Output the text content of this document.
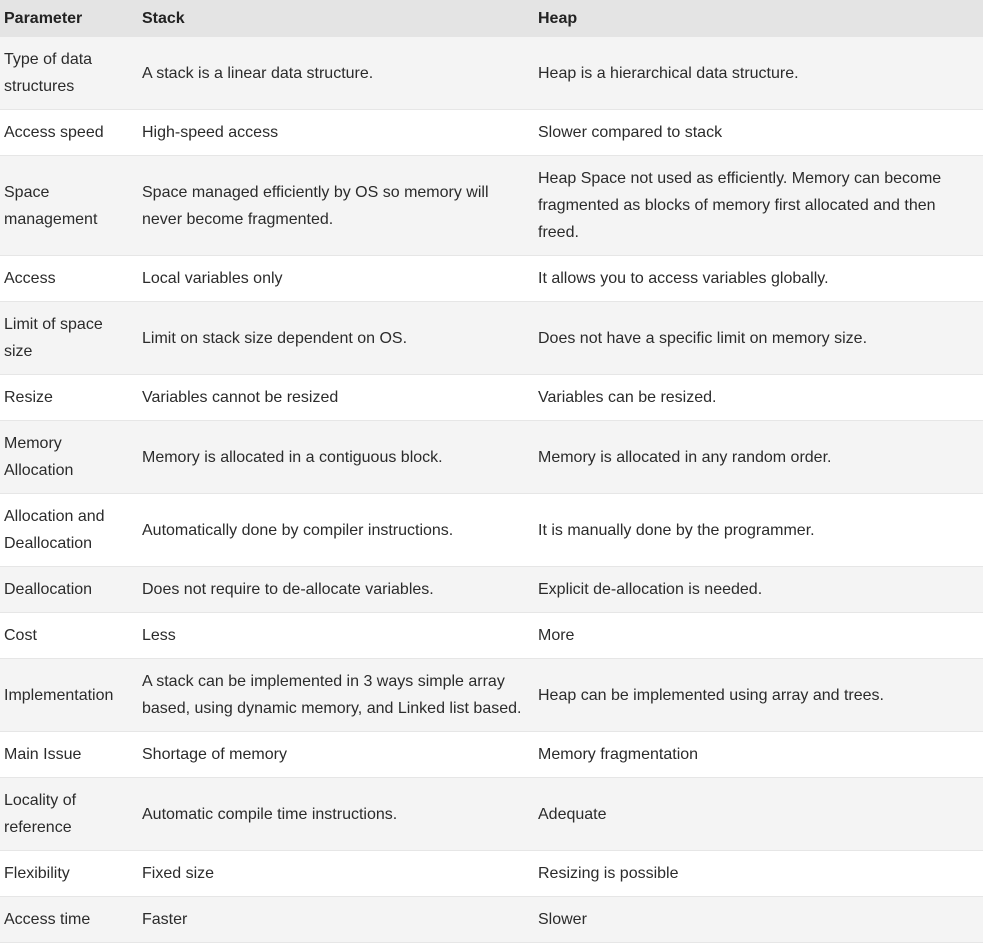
Parameter	Stack	Heap
Type of data structures	A stack is a linear data structure.	Heap is a hierarchical data structure.
Access speed	High-speed access	Slower compared to stack
Space management	Space managed efficiently by OS so memory will never become fragmented.	Heap Space not used as efficiently. Memory can become fragmented as blocks of memory first allocated and then freed.
Access	Local variables only	It allows you to access variables globally.
Limit of space size	Limit on stack size dependent on OS.	Does not have a specific limit on memory size.
Resize	Variables cannot be resized	Variables can be resized.
Memory Allocation	Memory is allocated in a contiguous block.	Memory is allocated in any random order.
Allocation and Deallocation	Automatically done by compiler instructions.	It is manually done by the programmer.
Deallocation	Does not require to de-allocate variables.	Explicit de-allocation is needed.
Cost	Less	More
Implementation	A stack can be implemented in 3 ways simple array based, using dynamic memory, and Linked list based.	Heap can be implemented using array and trees.
Main Issue	Shortage of memory	Memory fragmentation
Locality of reference	Automatic compile time instructions.	Adequate
Flexibility	Fixed size	Resizing is possible
Access time	Faster	Slower
